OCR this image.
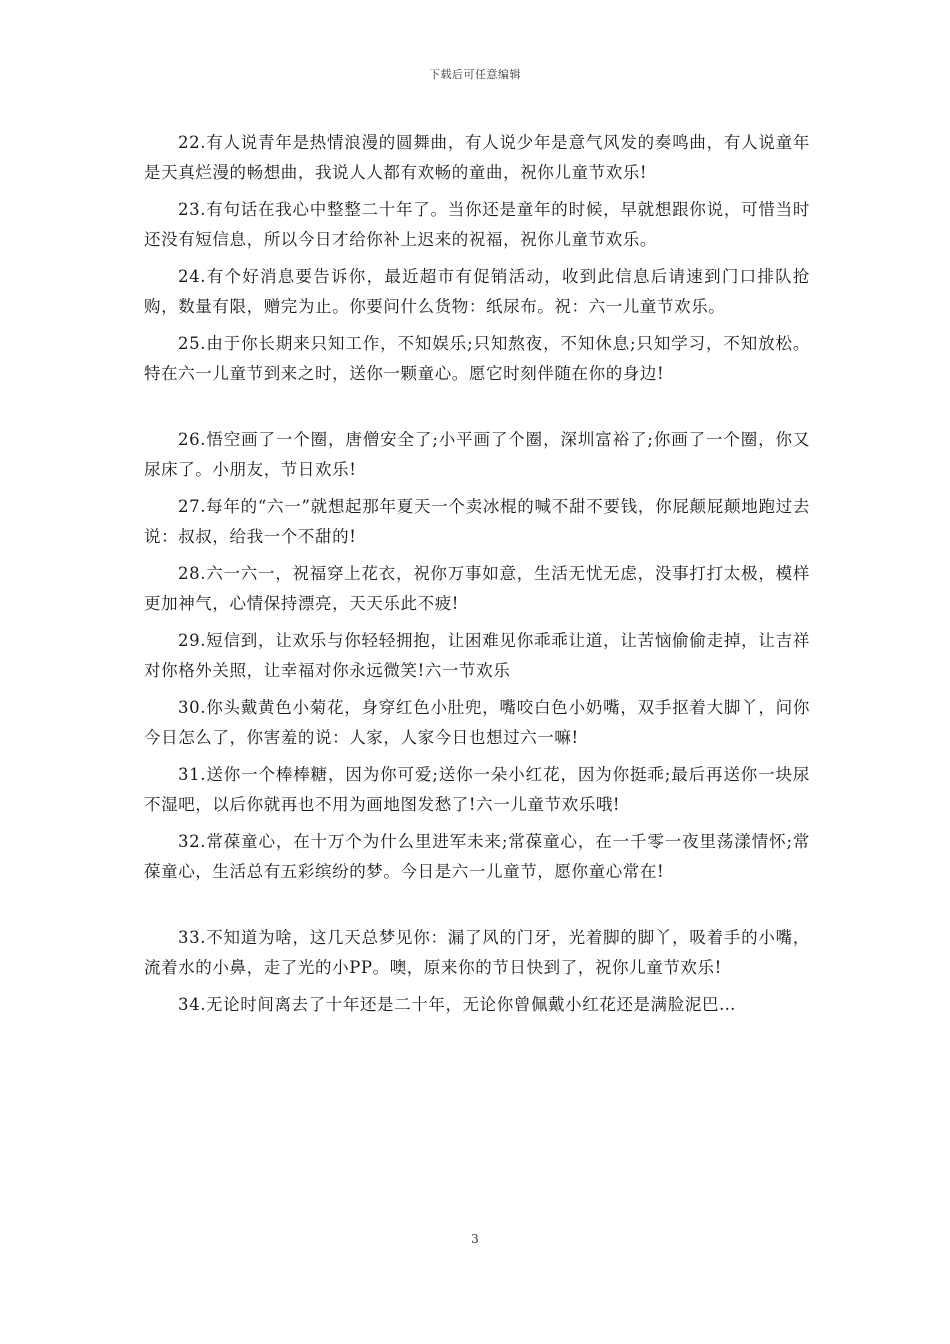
下载后可任意编辑

22.有人说青年是热情浪漫的圆舞曲，有人说少年是意气风发的奏鸣曲，有人说童年是天真烂漫的畅想曲，我说人人都有欢畅的童曲，祝你儿童节欢乐!

23.有句话在我心中整整二十年了。当你还是童年的时候，早就想跟你说，可惜当时还没有短信息，所以今日才给你补上迟来的祝福，祝你儿童节欢乐。

24.有个好消息要告诉你，最近超市有促销活动，收到此信息后请速到门口排队抢购，数量有限，赠完为止。你要问什么货物：纸尿布。祝：六一儿童节欢乐。

25.由于你长期来只知工作，不知娱乐;只知熬夜，不知休息;只知学习，不知放松。特在六一儿童节到来之时，送你一颗童心。愿它时刻伴随在你的身边!

26.悟空画了一个圈，唐僧安全了;小平画了个圈，深圳富裕了;你画了一个圈，你又尿床了。小朋友，节日欢乐!

27.每年的“六一”就想起那年夏天一个卖冰棍的喊不甜不要钱，你屁颠屁颠地跑过去说：叔叔，给我一个不甜的!

28.六一六一，祝福穿上花衣，祝你万事如意，生活无忧无虑，没事打打太极，模样更加神气，心情保持漂亮，天天乐此不疲!

29.短信到，让欢乐与你轻轻拥抱，让困难见你乖乖让道，让苦恼偷偷走掉，让吉祥对你格外关照，让幸福对你永远微笑!六一节欢乐

30.你头戴黄色小菊花，身穿红色小肚兜，嘴咬白色小奶嘴，双手抠着大脚丫，问你今日怎么了，你害羞的说：人家，人家今日也想过六一嘛!

31.送你一个棒棒糖，因为你可爱;送你一朵小红花，因为你挺乖;最后再送你一块尿不湿吧，以后你就再也不用为画地图发愁了!六一儿童节欢乐哦!

32.常葆童心，在十万个为什么里进军未来;常葆童心，在一千零一夜里荡漾情怀;常葆童心，生活总有五彩缤纷的梦。今日是六一儿童节，愿你童心常在!

33.不知道为啥，这几天总梦见你：漏了风的门牙，光着脚的脚丫，吸着手的小嘴，流着水的小鼻，走了光的小PP。噢，原来你的节日快到了，祝你儿童节欢乐!

34.无论时间离去了十年还是二十年，无论你曾佩戴小红花还是满脸泥巴…

3
